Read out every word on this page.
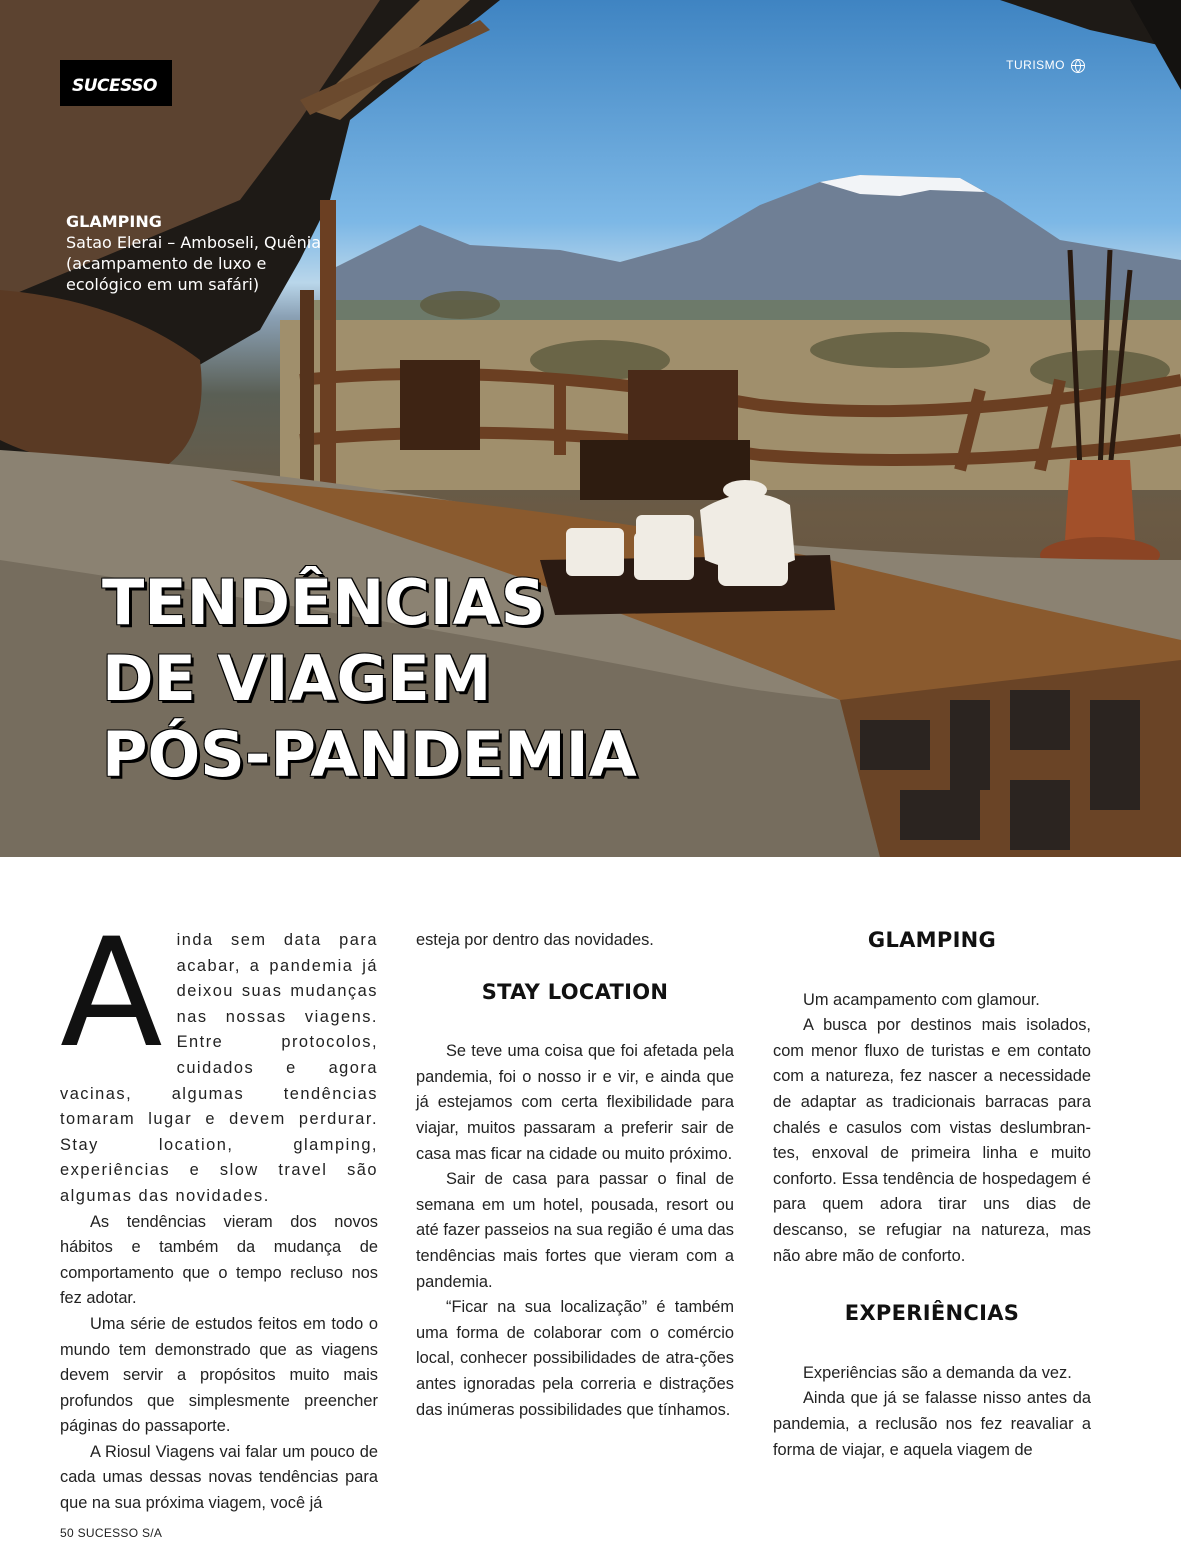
SUCESSO
TURISMO
GLAMPING
Satao Elerai – Amboseli, Quênia
(acampamento de luxo e
ecológico em um safári)
TENDÊNCIAS
DE VIAGEM
PÓS-PANDEMIA
A inda sem data para acabar, a pandemia já deixou suas mudanças nas nossas viagens. Entre protocolos, cuidados e agora vacinas, algumas tendências tomaram lugar e devem perdurar. Stay location, glamping, experiências e slow travel são algumas das novidades.

As tendências vieram dos novos hábitos e também da mudança de comportamento que o tempo recluso nos fez adotar.

Uma série de estudos feitos em todo o mundo tem demonstrado que as viagens devem servir a propósitos muito mais profundos que simplesmente preencher páginas do passaporte.

A Riosul Viagens vai falar um pouco de cada umas dessas novas tendências para que na sua próxima viagem, você já

esteja por dentro das novidades.

STAY LOCATION

Se teve uma coisa que foi afetada pela pandemia, foi o nosso ir e vir, e ainda que já estejamos com certa flexibilidade para viajar, muitos passaram a preferir sair de casa mas ficar na cidade ou muito próximo.

Sair de casa para passar o final de semana em um hotel, pousada, resort ou até fazer passeios na sua região é uma das tendências mais fortes que vieram com a pandemia.

“Ficar na sua localização” é também uma forma de colaborar com o comércio local, conhecer possibilidades de atra-ções antes ignoradas pela correria e distrações das inúmeras possibilidades que tínhamos.

GLAMPING

Um acampamento com glamour.

A busca por destinos mais isolados, com menor fluxo de turistas e em contato com a natureza, fez nascer a necessidade de adaptar as tradicionais barracas para chalés e casulos com vistas deslumbran-tes, enxoval de primeira linha e muito conforto. Essa tendência de hospedagem é para quem adora tirar uns dias de descanso, se refugiar na natureza, mas não abre mão de conforto.

EXPERIÊNCIAS

Experiências são a demanda da vez.

Ainda que já se falasse nisso antes da pandemia, a reclusão nos fez reavaliar a forma de viajar, e aquela viagem de

50 SUCESSO S/A
